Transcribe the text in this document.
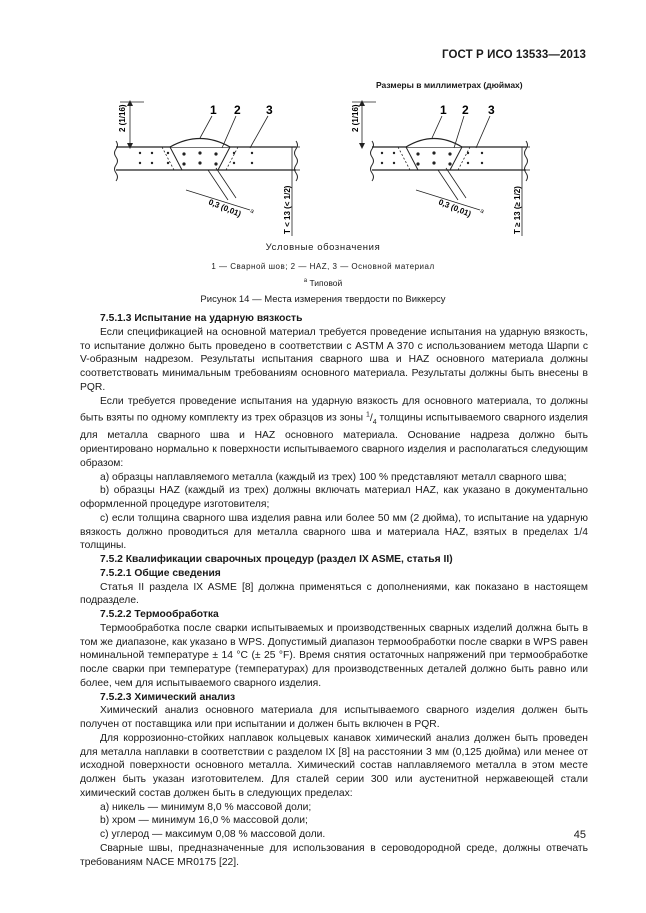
ГОСТ Р ИСО 13533—2013
Размеры в миллиметрах (дюймах)
2 (1/16)	1 2 3
0,3 (0,01) a	T < 13 (< 1/2)
2 (1/16)	1 2 3
0,3 (0,01) a	T ≥ 13 (≥ 1/2)
Условные обозначения
1 — Сварной шов; 2 — HAZ, 3 — Основной материал
$^a$ Типовой
Рисунок 14 — Места измерения твердости по Виккерсу

7.5.1.3 Испытание на ударную вязкость

Если спецификацией на основной материал требуется проведение испытания на ударную вязкость, то испытание должно быть проведено в соответствии с ASTM A 370 с использованием метода Шарпи с V-образным надрезом. Результаты испытания сварного шва и HAZ основного материала должны соответствовать минимальным требованиям основного материала. Результаты должны быть внесены в PQR.

Если требуется проведение испытания на ударную вязкость для основного материала, то должны быть взяты по одному комплекту из трех образцов из зоны $^1/_4$ толщины испытываемого сварного изделия для металла сварного шва и HAZ основного материала. Основание надреза должно быть ориентировано нормально к поверхности испытываемого сварного изделия и располагаться следующим образом:

а) образцы наплавляемого металла (каждый из трех) 100 % представляют металл сварного шва;

b) образцы HAZ (каждый из трех) должны включать материал HAZ, как указано в документально оформленной процедуре изготовителя;

с) если толщина сварного шва изделия равна или более 50 мм (2 дюйма), то испытание на ударную вязкость должно проводиться для металла сварного шва и материала HAZ, взятых в пределах 1/4 толщины.

7.5.2 Квалификации сварочных процедур (раздел IX ASME, статья II)

7.5.2.1 Общие сведения

Статья II раздела IX ASME [8] должна применяться с дополнениями, как показано в настоящем подразделе.

7.5.2.2 Термообработка

Термообработка после сварки испытываемых и производственных сварных изделий должна быть в том же диапазоне, как указано в WPS. Допустимый диапазон термообработки после сварки в WPS равен номинальной температуре ± 14 °С (± 25 °F). Время снятия остаточных напряжений при термообработке после сварки при температуре (температурах) для производственных деталей должно быть равно или более, чем для испытываемого сварного изделия.

7.5.2.3 Химический анализ

Химический анализ основного материала для испытываемого сварного изделия должен быть получен от поставщика или при испытании и должен быть включен в PQR.

Для коррозионно-стойких наплавок кольцевых канавок химический анализ должен быть проведен для металла наплавки в соответствии с разделом IX [8] на расстоянии 3 мм (0,125 дюйма) или менее от исходной поверхности основного металла. Химический состав наплавляемого металла в этом месте должен быть указан изготовителем. Для сталей серии 300 или аустенитной нержавеющей стали химический состав должен быть в следующих пределах:

а) никель — минимум 8,0 % массовой доли;

b) хром — минимум 16,0 % массовой доли;

с) углерод — максимум 0,08 % массовой доли.

Сварные швы, предназначенные для использования в сероводородной среде, должны отвечать требованиям NACE MR0175 [22].

45
